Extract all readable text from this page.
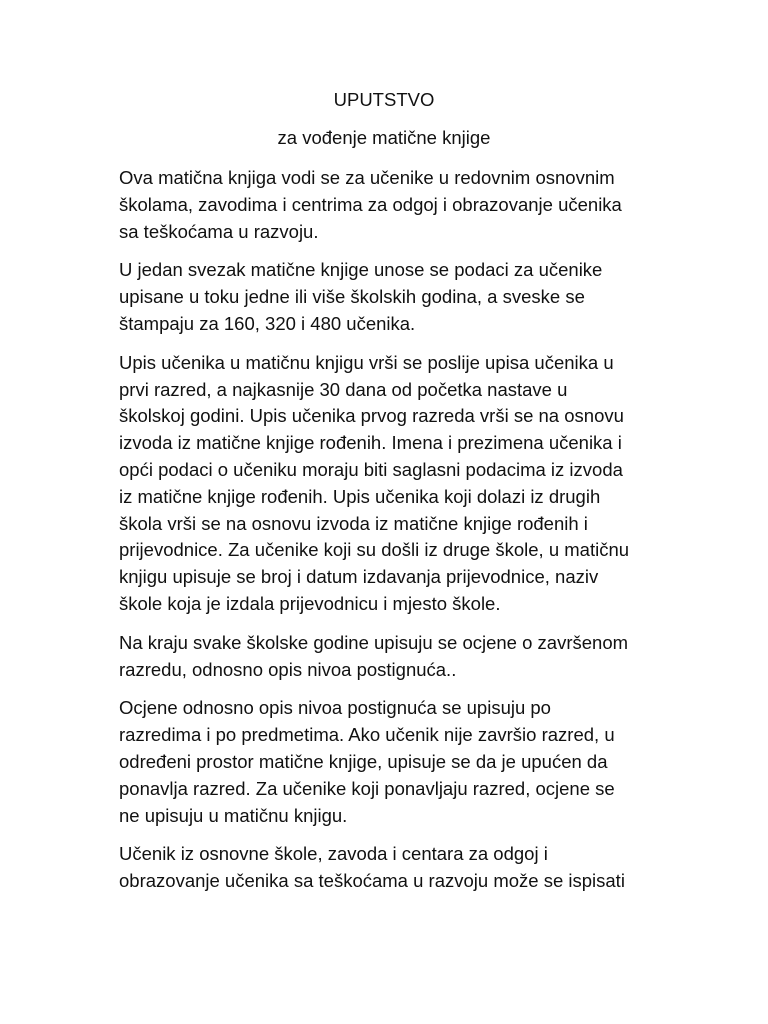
UPUTSTVO
za vođenje matične knjige

Ova matična knjiga vodi se za učenike u redovnim osnovnim
školama, zavodima i centrima za odgoj i obrazovanje učenika
sa teškoćama u razvoju.

U jedan svezak matične knjige unose se podaci za učenike
upisane u toku jedne ili više školskih godina, a sveske se
štampaju za 160, 320 i 480 učenika.

Upis učenika u matičnu knjigu vrši se poslije upisa učenika u
prvi razred, a najkasnije 30 dana od početka nastave u
školskoj godini. Upis učenika prvog razreda vrši se na osnovu
izvoda iz matične knjige rođenih. Imena i prezimena učenika i
opći podaci o učeniku moraju biti saglasni podacima iz izvoda
iz matične knjige rođenih. Upis učenika koji dolazi iz drugih
škola vrši se na osnovu izvoda iz matične knjige rođenih i
prijevodnice. Za učenike koji su došli iz druge škole, u matičnu
knjigu upisuje se broj i datum izdavanja prijevodnice, naziv
škole koja je izdala prijevodnicu i mjesto škole.

Na kraju svake školske godine upisuju se ocjene o završenom
razredu, odnosno opis nivoa postignuća..

Ocjene odnosno opis nivoa postignuća se upisuju po
razredima i po predmetima. Ako učenik nije završio razred, u
određeni prostor matične knjige, upisuje se da je upućen da
ponavlja razred. Za učenike koji ponavljaju razred, ocjene se
ne upisuju u matičnu knjigu.

Učenik iz osnovne škole, zavoda i centara za odgoj i
obrazovanje učenika sa teškoćama u razvoju može se ispisati
